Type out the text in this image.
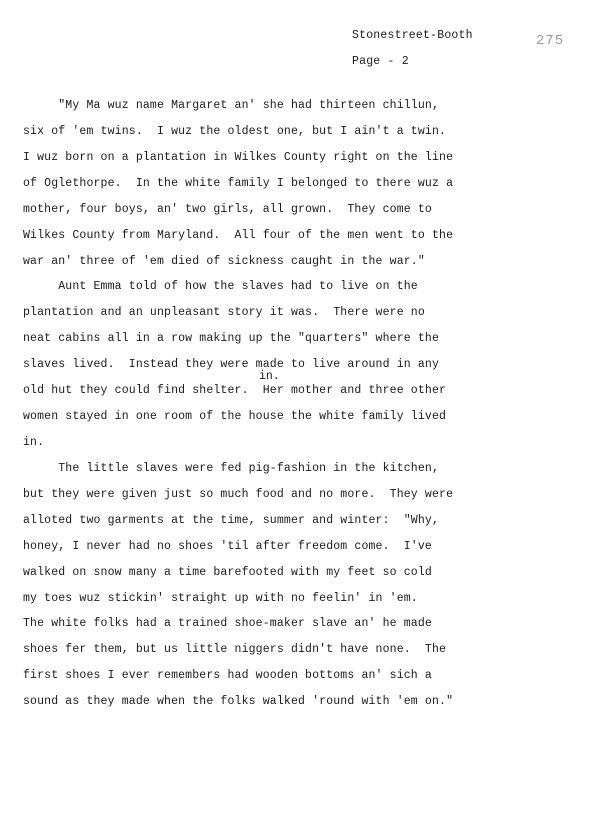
Stonestreet-Booth
Page - 2
275
in.
"My Ma wuz name Margaret an' she had thirteen chillun,
six of 'em twins.  I wuz the oldest one, but I ain't a twin.
I wuz born on a plantation in Wilkes County right on the line
of Oglethorpe.  In the white family I belonged to there wuz a
mother, four boys, an' two girls, all grown.  They come to
Wilkes County from Maryland.  All four of the men went to the
war an' three of 'em died of sickness caught in the war."
Aunt Emma told of how the slaves had to live on the
plantation and an unpleasant story it was.  There were no
neat cabins all in a row making up the "quarters" where the
slaves lived.  Instead they were made to live around in any
old hut they could find shelter.  Her mother and three other
women stayed in one room of the house the white family lived
in.
The little slaves were fed pig-fashion in the kitchen,
but they were given just so much food and no more.  They were
alloted two garments at the time, summer and winter:  "Why,
honey, I never had no shoes 'til after freedom come.  I've
walked on snow many a time barefooted with my feet so cold
my toes wuz stickin' straight up with no feelin' in 'em.
The white folks had a trained shoe-maker slave an' he made
shoes fer them, but us little niggers didn't have none.  The
first shoes I ever remembers had wooden bottoms an' sich a
sound as they made when the folks walked 'round with 'em on."
